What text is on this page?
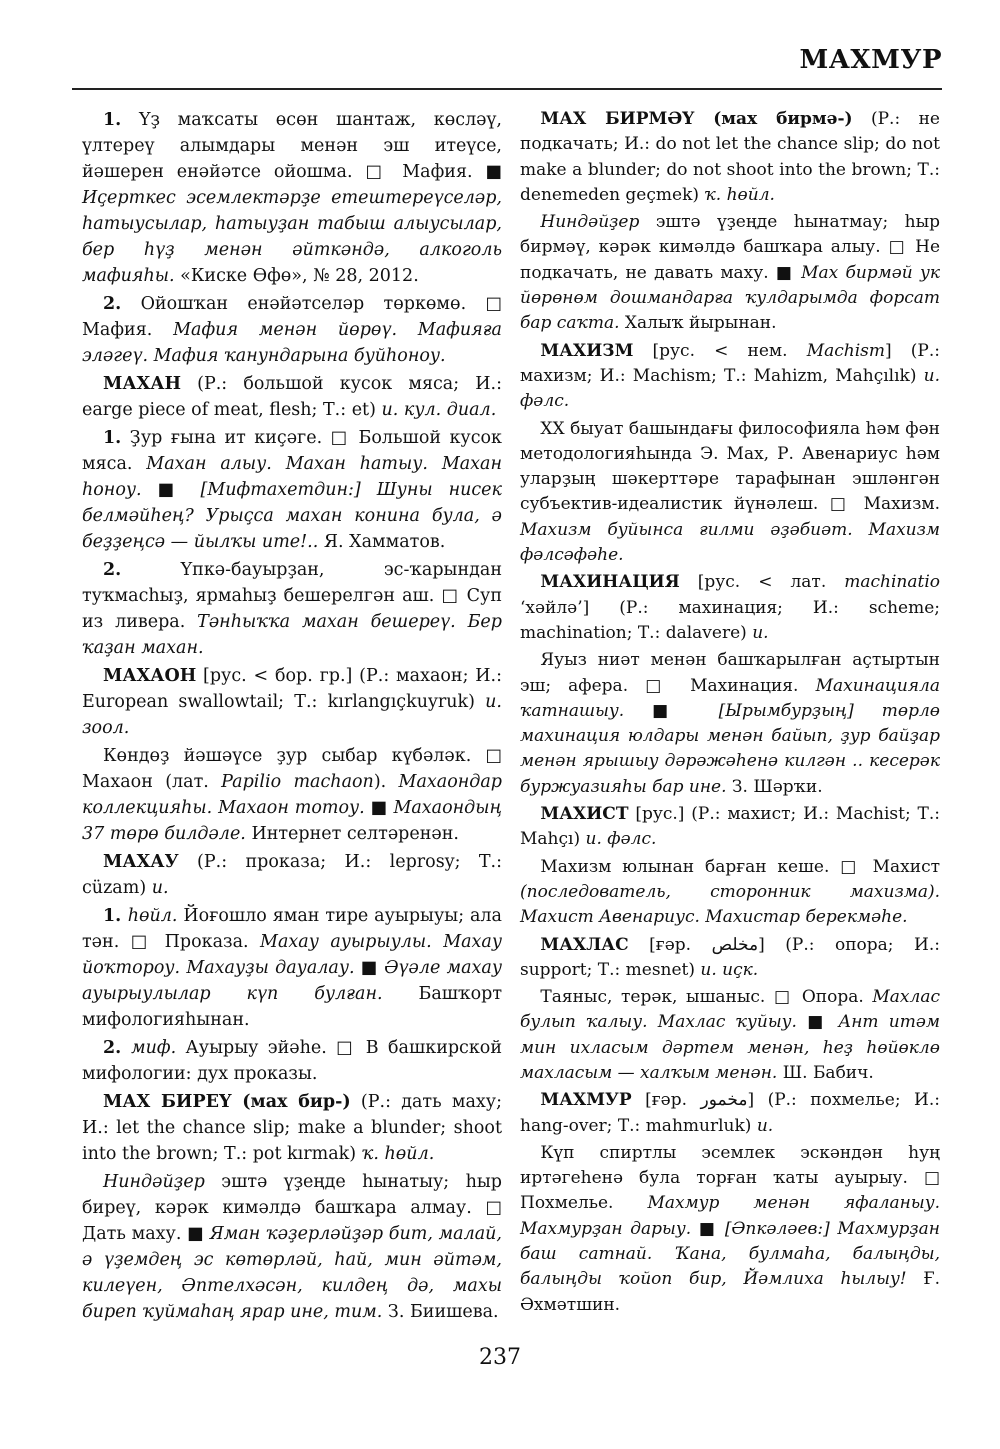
МАХМУР

1. Үҙ маҡсаты өсөн шантаж, көсләү, үлтереү алымдары менән эш итеүсе, йәшерен енәйәтсе ойошма. □ Мафия. ■ Иҫерткес эсемлектәрҙе етештереүселәр, һатыусылар, һатыуҙан табыш алыусылар, бер һүҙ менән әйткәндә, алкоголь мафияһы. «Киске Өфө», № 28, 2012.

2. Ойошҡан енәйәтселәр төркөмө. □ Мафия. Мафия менән йөрөү. Мафияға эләгеү. Мафия ҡанундарына буйһоноу.

МАХАН (Р.: большой кусок мяса; И.: earge piece of meat, flesh; Т.: et) и. кул. диал.

1. Ҙур ғына ит киҫәге. □ Большой кусок мяса. Махан алыу. Махан һатыу. Махан һоноу. ■ [Мифтахетдин:] Шуны нисек белмәйһең? Урыҫса махан конина була, ә беҙҙеңсә — йылҡы ите!.. Я. Хамматов.

2. Үпкә-бауырҙан, эс-ҡарындан туҡмасһыҙ, ярмаһыҙ бешерелгән аш. □ Суп из ливера. Тәнһыҡҡа махан бешереү. Бер ҡаҙан махан.

МАХАОН [рус. < бор. гр.] (Р.: махаон; И.: European swallowtail; Т.: kırlangıçkuyruk) и. зоол.

Көндөҙ йәшәүсе ҙур сыбар күбәләк. □ Махаон (лат. Papilio machaon). Махаондар коллекцияһы. Махаон тотоу. ■ Махаондың 37 төрө билдәле. Интернет селтәренән.

МАХАУ (Р.: проказа; И.: leprosy; Т.: cüzam) и.

1. һөйл. Йоғошло яман тире ауырыуы; ала тән. □ Проказа. Махау ауырыулы. Махау йоҡтороу. Махауҙы дауалау. ■ Әүәле махау ауырыулылар күп булған. Башҡорт мифологияһынан.

2. миф. Ауырыу эйәһе. □ В башкирской мифологии: дух проказы.

МАХ БИРЕҮ (мах бир-) (Р.: дать маху; И.: let the chance slip; make a blunder; shoot into the brown; Т.: pot kırmak) ҡ. һөйл.

Ниндәйҙер эштә үҙеңде һынатыу; һыр биреү, кәрәк кимәлдә башҡара алмау. □ Дать маху. ■ Яман ҡәҙерләйҙәр бит, малай, ә үҙемдең эс көтөрләй, һай, мин әйтәм, килеүен, Әптелхәсән, килдең дә, махы биреп ҡуймаһаң ярар ине, тим. З. Биишева.

МАХ БИРМӘҮ (мах бирмә-) (Р.: не подкачать; И.: do not let the chance slip; do not make a blunder; do not shoot into the brown; Т.: denemeden geçmek) ҡ. һөйл.

Ниндәйҙер эштә үҙеңде һынатмау; һыр бирмәү, кәрәк кимәлдә башҡара алыу. □ Не подкачать, не давать маху. ■ Мах бирмәй ук йөрөнөм дошмандарға ҡулдарымда форсат бар саҡта. Халыҡ йырынан.

МАХИЗМ [рус. < нем. Machism] (Р.: махизм; И.: Machism; Т.: Mahizm, Mahçılık) и. фәлс.

XX быуат башындағы философияла һәм фән методологияһында Э. Мах, Р. Авенариус һәм уларҙың шәкерттәре тарафынан эшләнгән субъектив-идеалистик йүнәлеш. □ Махизм. Махизм буйынса ғилми әҙәбиәт. Махизм фәлсәфәһе.

МАХИНАЦИЯ [рус. < лат. machinatio ‘хәйлә’] (Р.: махинация; И.: scheme; machination; Т.: dalavere) и.

Яуыз ниәт менән башҡарылған аҫтыртын эш; афера. □ Махинация. Махинацияла ҡатнашыу. ■ [Ырымбурҙың] төрлө махинация юлдары менән байып, ҙур байҙар менән ярышыу дәрәжәһенә килгән .. кесерәк буржуазияһы бар ине. З. Шәрҡи.

МАХИСТ [рус.] (Р.: махист; И.: Machist; Т.: Mahçı) и. фәлс.

Махизм юлынан барған кеше. □ Махист (последователь, сторонник махизма). Махист Авенариус. Махистар берекмәһе.

МАХЛАС [ғәр. مخلص] (Р.: опора; И.: support; Т.: mesnet) и. иҫк.

Таяныс, терәк, ышаныс. □ Опора. Махлас булып ҡалыу. Махлас ҡуйыу. ■ Ант итәм мин ихласым дәртем менән, һеҙ һөйөклө махласым — халҡым менән. Ш. Бабич.

МАХМУР [ғәр. مخمور] (Р.: похмелье; И.: hang-over; Т.: mahmurluk) и.

Күп спиртлы эсемлек эскәндән һуң иртәгеһенә була торған ҡаты ауырыу. □ Похмелье. Махмур менән яфаланыу. Махмурҙан дарыу. ■ [Әпкәләев:] Махмурҙан баш сатнай. Ҡана, булмаһа, балыңды, балыңды ҡойоп бир, Йәмлиха һылыу! Ғ. Әхмәтшин.

237
